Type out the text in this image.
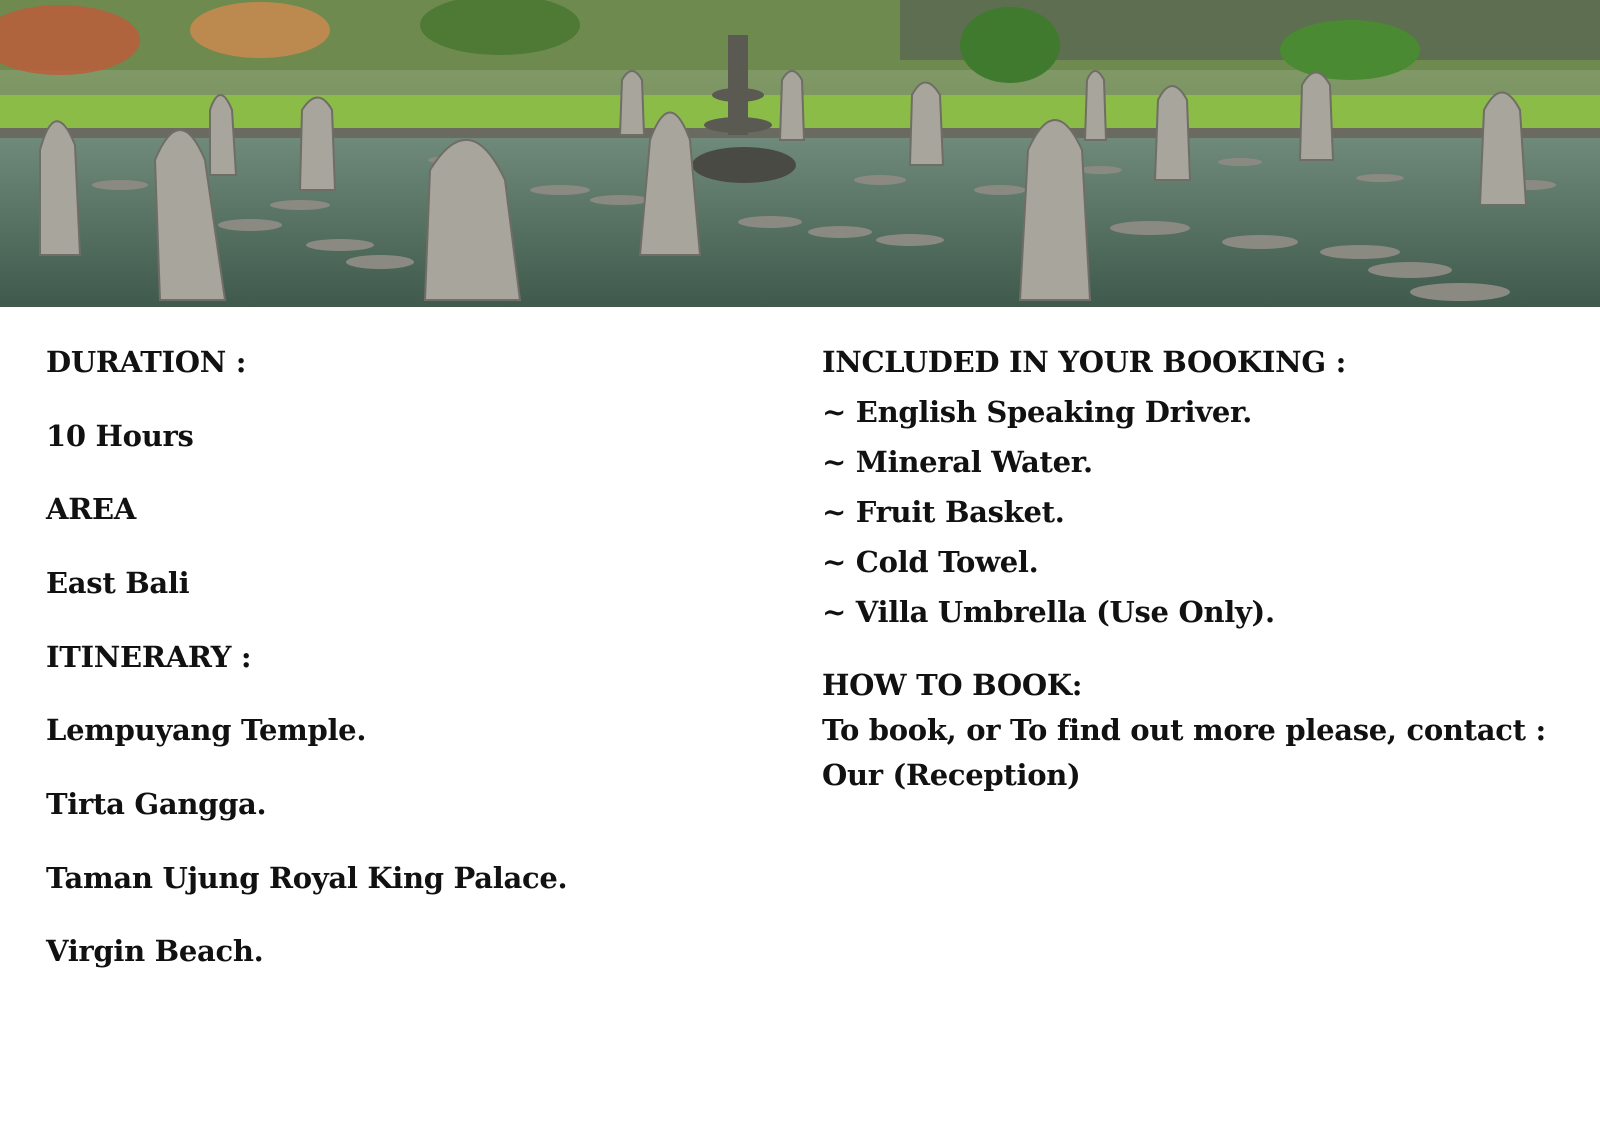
DURATION :
10 Hours
AREA
East Bali
ITINERARY :
Lempuyang Temple.
Tirta Gangga.
Taman Ujung Royal King Palace.
Virgin Beach.
INCLUDED IN YOUR BOOKING :
~ English Speaking Driver.
~ Mineral Water.
~ Fruit Basket.
~ Cold Towel.
~ Villa Umbrella (Use Only).
HOW TO BOOK:
To book, or To find out more please, contact :
Our (Reception)
